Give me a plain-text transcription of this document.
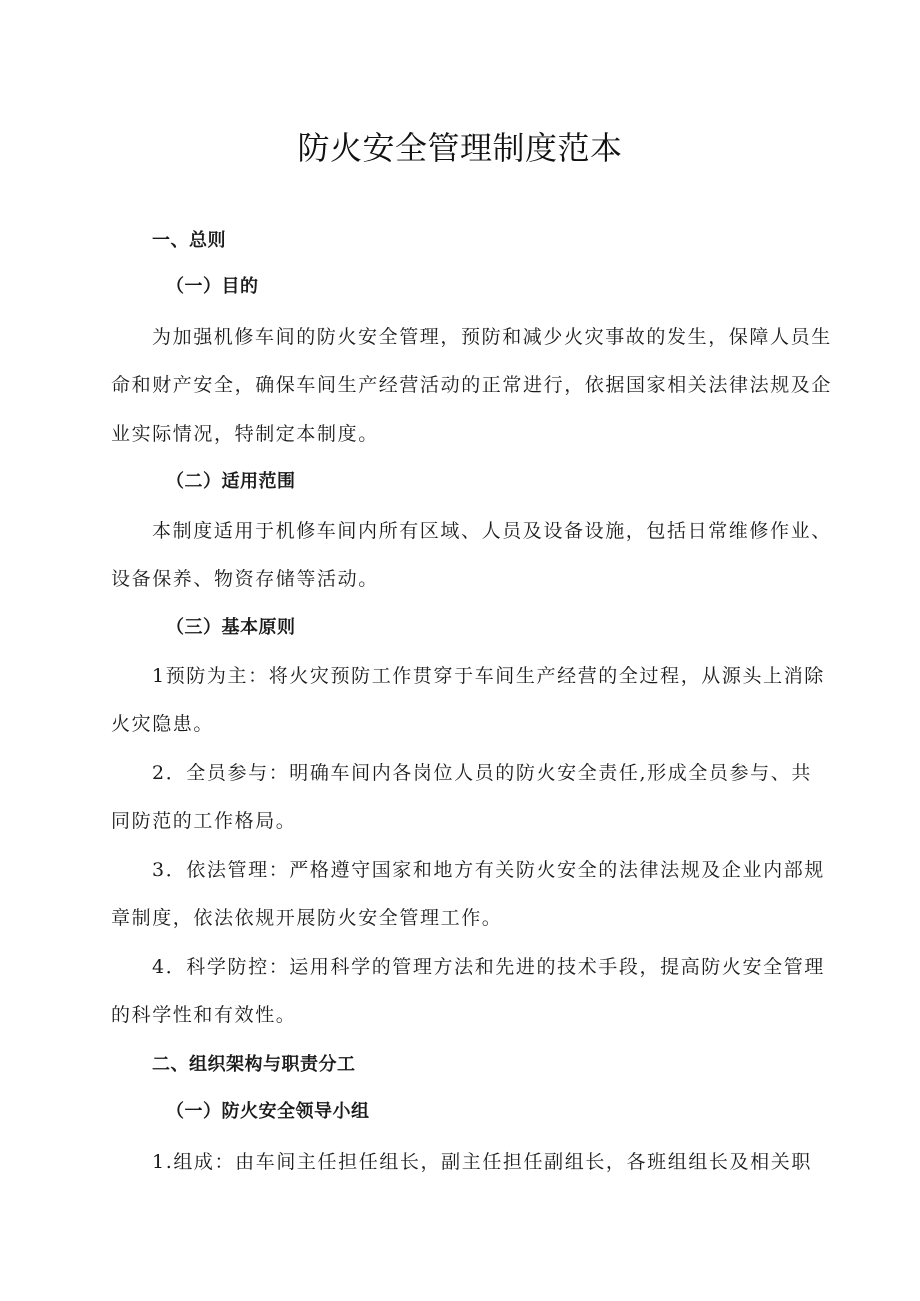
防火安全管理制度范本
一、总则
（一）目的
为加强机修车间的防火安全管理，预防和减少火灾事故的发生，保障人员生
命和财产安全，确保车间生产经营活动的正常进行，依据国家相关法律法规及企
业实际情况，特制定本制度。
（二）适用范围
本制度适用于机修车间内所有区域、人员及设备设施，包括日常维修作业、
设备保养、物资存储等活动。
（三）基本原则
1预防为主：将火灾预防工作贯穿于车间生产经营的全过程，从源头上消除
火灾隐患。
2．全员参与：明确车间内各岗位人员的防火安全责任,形成全员参与、共
同防范的工作格局。
3．依法管理：严格遵守国家和地方有关防火安全的法律法规及企业内部规
章制度，依法依规开展防火安全管理工作。
4．科学防控：运用科学的管理方法和先进的技术手段，提高防火安全管理
的科学性和有效性。
二、组织架构与职责分工
（一）防火安全领导小组
1.组成：由车间主任担任组长，副主任担任副组长，各班组组长及相关职
